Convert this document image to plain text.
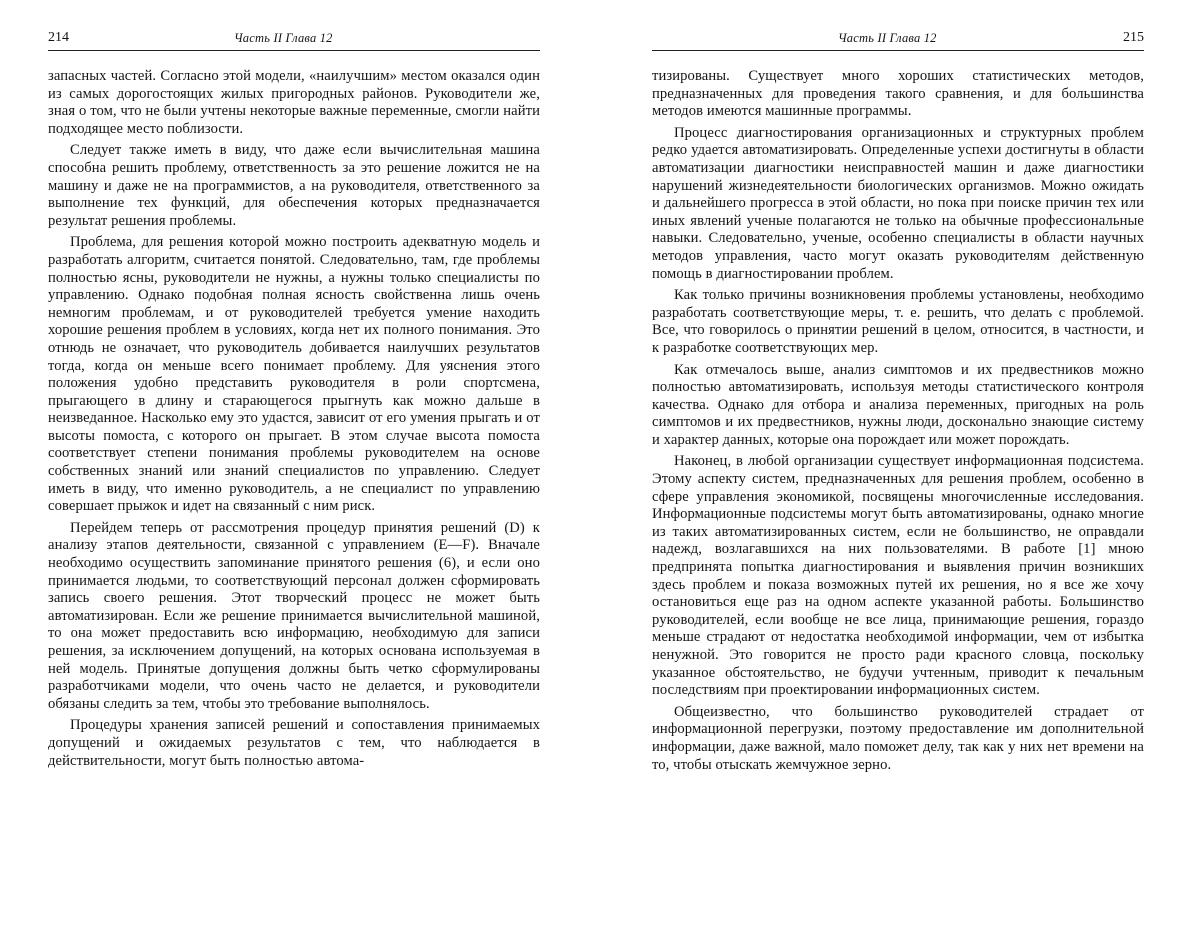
214	Часть II Глава 12

запасных частей. Согласно этой модели, «наилучшим» местом оказался один из самых дорогостоящих жилых пригородных районов. Руководители же, зная о том, что не были учтены некоторые важные переменные, смогли найти подходящее место поблизости.

Следует также иметь в виду, что даже если вычислительная машина способна решить проблему, ответственность за это решение ложится не на машину и даже не на программистов, а на руководителя, ответственного за выполнение тех функций, для обеспечения которых предназначается результат решения проблемы.

Проблема, для решения которой можно построить адекватную модель и разработать алгоритм, считается понятой. Следовательно, там, где проблемы полностью ясны, руководители не нужны, а нужны только специалисты по управлению. Однако подобная полная ясность свойственна лишь очень немногим проблемам, и от руководителей требуется умение находить хорошие решения проблем в условиях, когда нет их полного понимания. Это отнюдь не означает, что руководитель добивается наилучших результатов тогда, когда он меньше всего понимает проблему. Для уяснения этого положения удобно представить руководителя в роли спортсмена, прыгающего в длину и старающегося прыгнуть как можно дальше в неизведанное. Насколько ему это удастся, зависит от его умения прыгать и от высоты помоста, с которого он прыгает. В этом случае высота помоста соответствует степени понимания проблемы руководителем на основе собственных знаний или знаний специалистов по управлению. Следует иметь в виду, что именно руководитель, а не специалист по управлению совершает прыжок и идет на связанный с ним риск.

Перейдем теперь от рассмотрения процедур принятия решений (D) к анализу этапов деятельности, связанной с управлением (E—F). Вначале необходимо осуществить запоминание принятого решения (6), и если оно принимается людьми, то соответствующий персонал должен сформировать запись своего решения. Этот творческий процесс не может быть автоматизирован. Если же решение принимается вычислительной машиной, то она может предоставить всю информацию, необходимую для записи решения, за исключением допущений, на которых основана используемая в ней модель. Принятые допущения должны быть четко сформулированы разработчиками модели, что очень часто не делается, и руководители обязаны следить за тем, чтобы это требование выполнялось.

Процедуры хранения записей решений и сопоставления принимаемых допущений и ожидаемых результатов с тем, что наблюдается в действительности, могут быть полностью автома-

Часть II Глава 12	215

тизированы. Существует много хороших статистических методов, предназначенных для проведения такого сравнения, и для большинства методов имеются машинные программы.

Процесс диагностирования организационных и структурных проблем редко удается автоматизировать. Определенные успехи достигнуты в области автоматизации диагностики неисправностей машин и даже диагностики нарушений жизнедеятельности биологических организмов. Можно ожидать и дальнейшего прогресса в этой области, но пока при поиске причин тех или иных явлений ученые полагаются не только на обычные профессиональные навыки. Следовательно, ученые, особенно специалисты в области научных методов управления, часто могут оказать руководителям действенную помощь в диагностировании проблем.

Как только причины возникновения проблемы установлены, необходимо разработать соответствующие меры, т. е. решить, что делать с проблемой. Все, что говорилось о принятии решений в целом, относится, в частности, и к разработке соответствующих мер.

Как отмечалось выше, анализ симптомов и их предвестников можно полностью автоматизировать, используя методы статистического контроля качества. Однако для отбора и анализа переменных, пригодных на роль симптомов и их предвестников, нужны люди, досконально знающие систему и характер данных, которые она порождает или может порождать.

Наконец, в любой организации существует информационная подсистема. Этому аспекту систем, предназначенных для решения проблем, особенно в сфере управления экономикой, посвящены многочисленные исследования. Информационные подсистемы могут быть автоматизированы, однако многие из таких автоматизированных систем, если не большинство, не оправдали надежд, возлагавшихся на них пользователями. В работе [1] мною предпринята попытка диагностирования и выявления причин возникших здесь проблем и показа возможных путей их решения, но я все же хочу остановиться еще раз на одном аспекте указанной работы. Большинство руководителей, если вообще не все лица, принимающие решения, гораздо меньше страдают от недостатка необходимой информации, чем от избытка ненужной. Это говорится не просто ради красного словца, поскольку указанное обстоятельство, не будучи учтенным, приводит к печальным последствиям при проектировании информационных систем.

Общеизвестно, что большинство руководителей страдает от информационной перегрузки, поэтому предоставление им дополнительной информации, даже важной, мало поможет делу, так как у них нет времени на то, чтобы отыскать жемчужное зерно.
